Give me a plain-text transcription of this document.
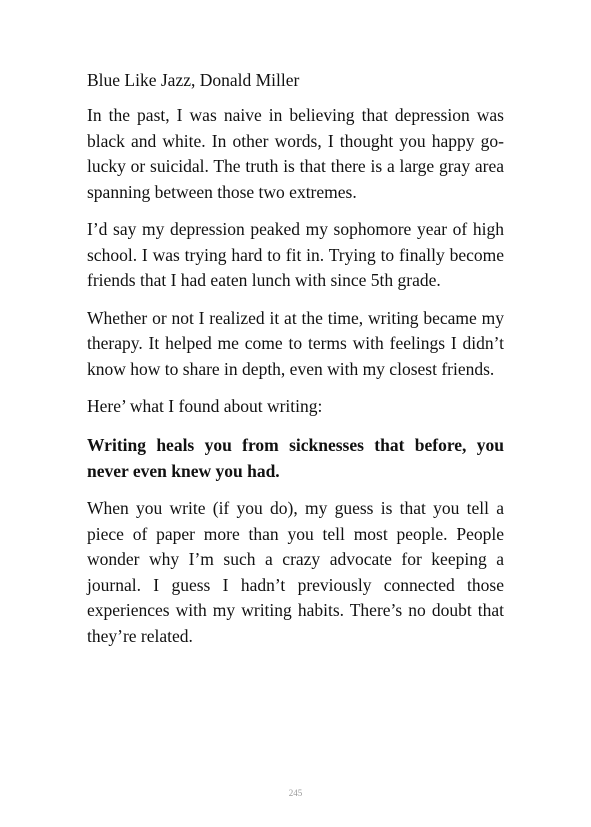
Blue Like Jazz, Donald Miller

In the past, I was naive in believing that depression was black and white. In other words, I thought you happy go-lucky or suicidal. The truth is that there is a large gray area spanning between those two extremes.

I’d say my depression peaked my sophomore year of high school. I was trying hard to fit in. Trying to finally become friends that I had eaten lunch with since 5th grade.

Whether or not I realized it at the time, writing became my therapy. It helped me come to terms with feelings I didn’t know how to share in depth, even with my closest friends.

Here’ what I found about writing:

Writing heals you from sicknesses that before, you never even knew you had.

When you write (if you do), my guess is that you tell a piece of paper more than you tell most people. People wonder why I’m such a crazy advocate for keeping a journal. I guess I hadn’t previously connected those experiences with my writing habits. There’s no doubt that they’re related.

245
